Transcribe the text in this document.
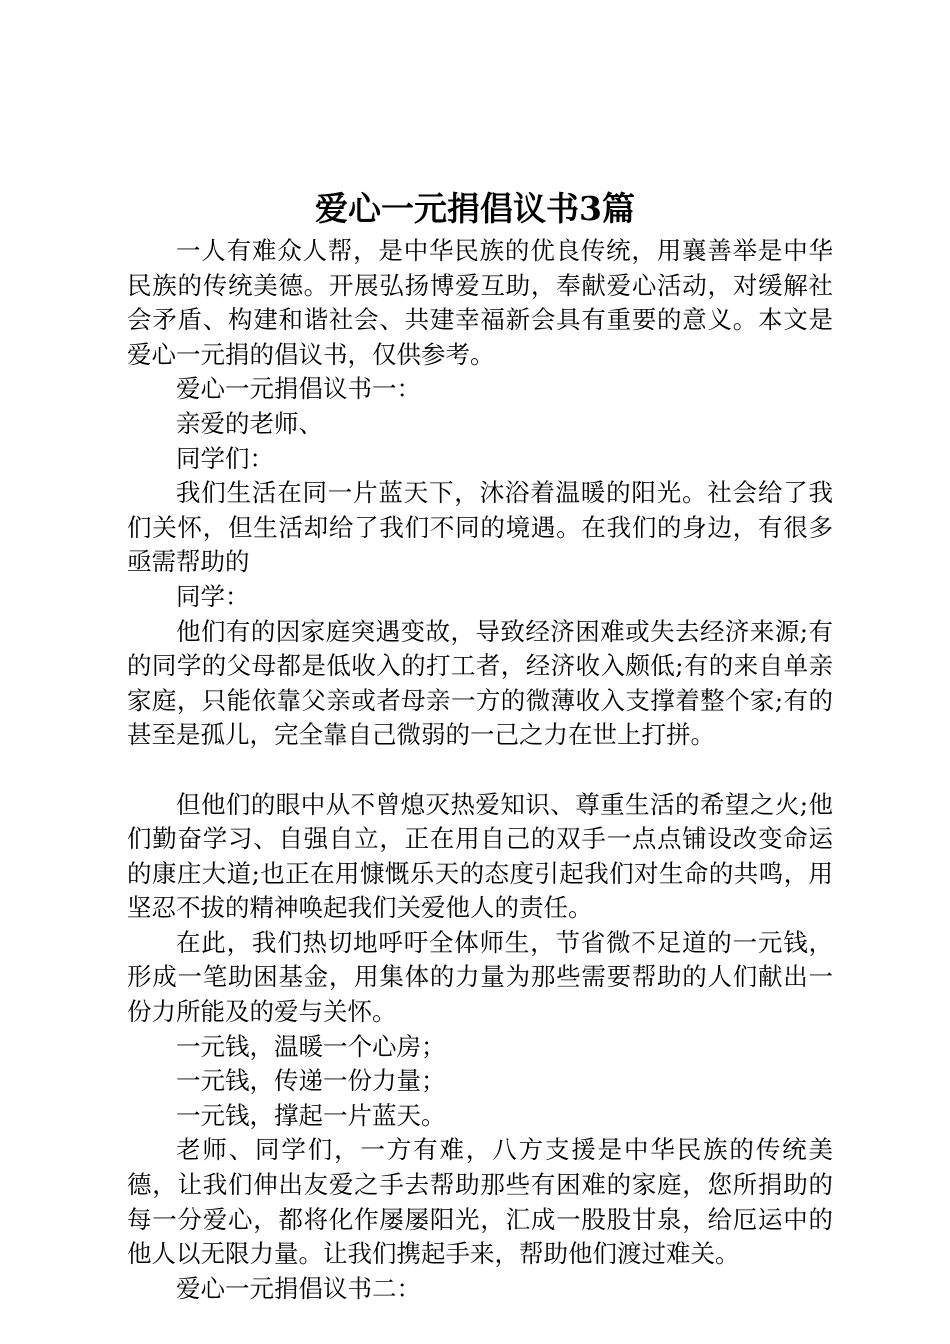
爱心一元捐倡议书3篇

一人有难众人帮，是中华民族的优良传统，用襄善举是中华民族的传统美德。开展弘扬博爱互助，奉献爱心活动，对缓解社会矛盾、构建和谐社会、共建幸福新会具有重要的意义。本文是爱心一元捐的倡议书，仅供参考。

爱心一元捐倡议书一：

亲爱的老师、

同学们：

我们生活在同一片蓝天下，沐浴着温暖的阳光。社会给了我们关怀，但生活却给了我们不同的境遇。在我们的身边，有很多亟需帮助的

同学：

他们有的因家庭突遇变故，导致经济困难或失去经济来源;有的同学的父母都是低收入的打工者，经济收入颇低;有的来自单亲家庭，只能依靠父亲或者母亲一方的微薄收入支撑着整个家;有的甚至是孤儿，完全靠自己微弱的一己之力在世上打拼。

但他们的眼中从不曾熄灭热爱知识、尊重生活的希望之火;他们勤奋学习、自强自立，正在用自己的双手一点点铺设改变命运的康庄大道;也正在用慷慨乐天的态度引起我们对生命的共鸣，用坚忍不拔的精神唤起我们关爱他人的责任。

在此，我们热切地呼吁全体师生，节省微不足道的一元钱，形成一笔助困基金，用集体的力量为那些需要帮助的人们献出一份力所能及的爱与关怀。

一元钱，温暖一个心房；

一元钱，传递一份力量；

一元钱，撑起一片蓝天。

老师、同学们，一方有难，八方支援是中华民族的传统美德，让我们伸出友爱之手去帮助那些有困难的家庭，您所捐助的每一分爱心，都将化作屡屡阳光，汇成一股股甘泉，给厄运中的他人以无限力量。让我们携起手来，帮助他们渡过难关。

爱心一元捐倡议书二：
